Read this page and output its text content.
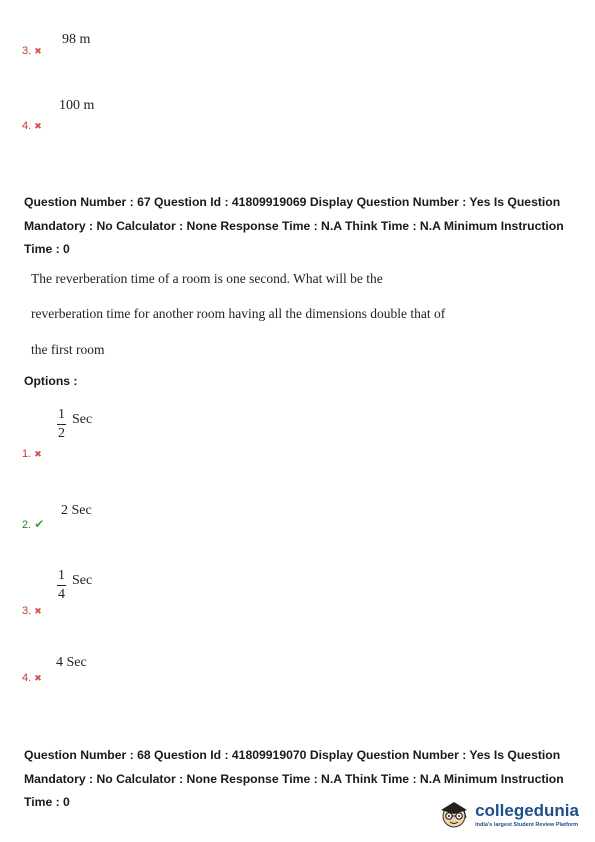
98 m
3. ✖
100 m
4. ✖
Question Number : 67 Question Id : 41809919069 Display Question Number : Yes Is Question Mandatory : No Calculator : None Response Time : N.A Think Time : N.A Minimum Instruction Time : 0
The reverberation time of a room is one second. What will be the
reverberation time for another room having all the dimensions double that of
the first room
Options :
$\frac{1}{2}$ Sec
1. ✖
2 Sec
2. ✔
$\frac{1}{4}$ Sec
3. ✖
4 Sec
4. ✖
Question Number : 68 Question Id : 41809919070 Display Question Number : Yes Is Question Mandatory : No Calculator : None Response Time : N.A Think Time : N.A Minimum Instruction Time : 0	collegedunia
India's largest Student Review Platform
